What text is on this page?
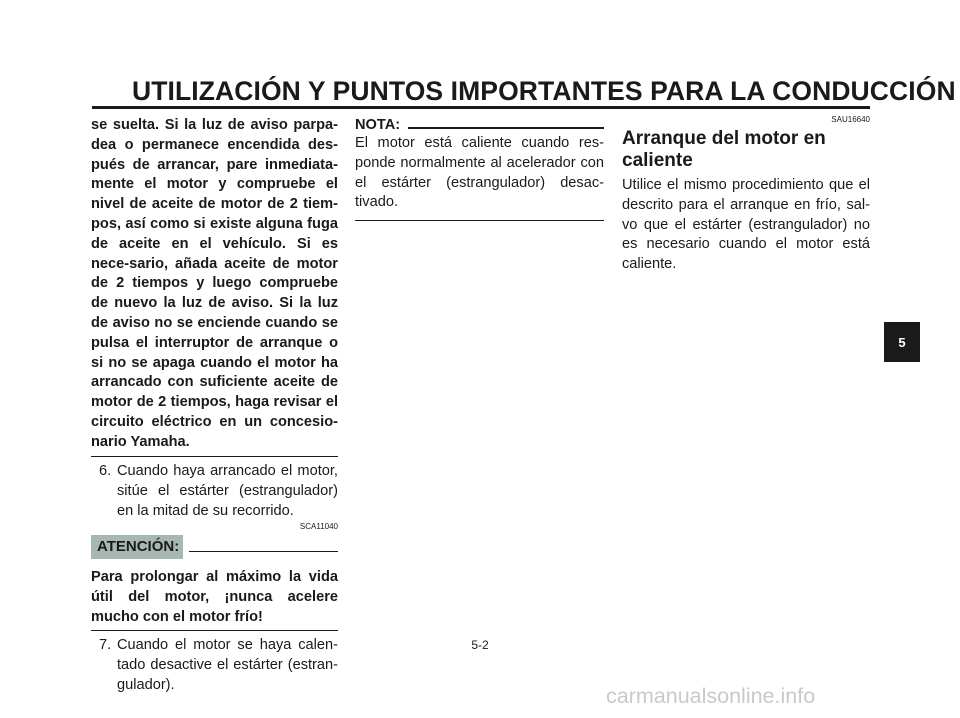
UTILIZACIÓN Y PUNTOS IMPORTANTES PARA LA CONDUCCIÓN

se suelta. Si la luz de aviso parpa-dea o permanece encendida des-pués de arrancar, pare inmediata-mente el motor y compruebe el nivel de aceite de motor de 2 tiem-pos, así como si existe alguna fuga de aceite en el vehículo. Si es nece-sario, añada aceite de motor de 2 tiempos y luego compruebe de nuevo la luz de aviso. Si la luz de aviso no se enciende cuando se pulsa el interruptor de arranque o si no se apaga cuando el motor ha arrancado con suficiente aceite de motor de 2 tiempos, haga revisar el circuito eléctrico en un concesio-nario Yamaha.

6. Cuando haya arrancado el motor, sitúe el estárter (estrangulador) en la mitad de su recorrido.
SCA11040
ATENCIÓN:

Para prolongar al máximo la vida útil del motor, ¡nunca acelere mucho con el motor frío!

7. Cuando el motor se haya calen-tado desactive el estárter (estran-gulador).
NOTA:

El motor está caliente cuando res-ponde normalmente al acelerador con el estárter (estrangulador) desac-tivado.

SAU16640
Arranque del motor en caliente

Utilice el mismo procedimiento que el descrito para el arranque en frío, sal-vo que el estárter (estrangulador) no es necesario cuando el motor está caliente.

5
5-2
carmanualsonline.info
